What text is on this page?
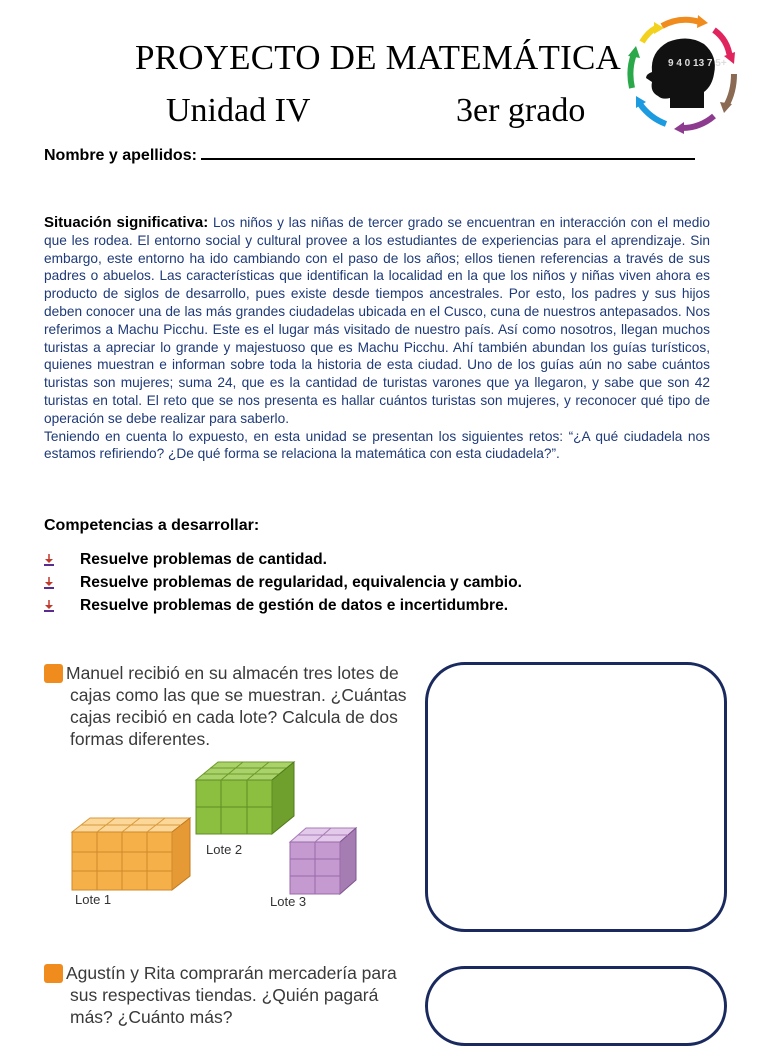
PROYECTO DE MATEMÁTICA
Unidad IV	3er grado
9 4 0 13 7 5+
Nombre y apellidos:

Situación significativa: Los niños y las niñas de tercer grado se encuentran en interacción con el medio que les rodea. El entorno social y cultural provee a los estudiantes de experiencias para el aprendizaje. Sin embargo, este entorno ha ido cambiando con el paso de los años; ellos tienen referencias a través de sus padres o abuelos. Las características que identifican la localidad en la que los niños y niñas viven ahora es producto de siglos de desarrollo, pues existe desde tiempos ancestrales. Por esto, los padres y sus hijos deben conocer una de las más grandes ciudadelas ubicada en el Cusco, cuna de nuestros antepasados. Nos referimos a Machu Picchu. Este es el lugar más visitado de nuestro país. Así como nosotros, llegan muchos turistas a apreciar lo grande y majestuoso que es Machu Picchu. Ahí también abundan los guías turísticos, quienes muestran e informan sobre toda la historia de esta ciudad. Uno de los guías aún no sabe cuántos turistas son mujeres; suma 24, que es la cantidad de turistas varones que ya llegaron, y sabe que son 42 turistas en total. El reto que se nos presenta es hallar cuántos turistas son mujeres, y reconocer qué tipo de operación se debe realizar para saberlo.

Teniendo en cuenta lo expuesto, en esta unidad se presentan los siguientes retos: “¿A qué ciudadela nos estamos refiriendo? ¿De qué forma se relaciona la matemática con esta ciudadela?”.

Competencias a desarrollar:
Resuelve problemas de cantidad.
Resuelve problemas de regularidad, equivalencia y cambio.
Resuelve problemas de gestión de datos e incertidumbre.
1 Manuel recibió en su almacén tres lotes de cajas como las que se muestran. ¿Cuántas cajas recibió en cada lote? Calcula de dos formas diferentes.
Lote 1
Lote 2
Lote 3
2 Agustín y Rita comprarán mercadería para sus respectivas tiendas. ¿Quién pagará más? ¿Cuánto más?
